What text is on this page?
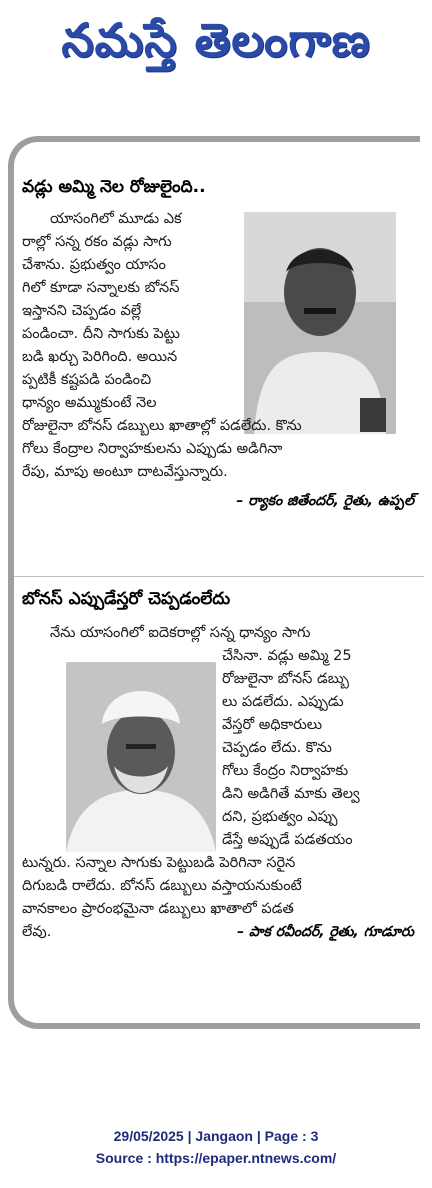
నమస్తే తెలంగాణ
వడ్లు అమ్మి నెల రోజులైంది..
యాసంగిలో మూడు ఎక
రాల్లో సన్న రకం వడ్లు సాగు
చేశాను. ప్రభుత్వం యాసం
గిలో కూడా సన్నాలకు బోనస్
ఇస్తానని చెప్పడం వల్లే
పండించా. దీని సాగుకు పెట్టు
బడి ఖర్చు పెరిగింది. అయిన
ప్పటికీ కష్టపడి పండించి
ధాన్యం అమ్ముకుంటే నెల
రోజులైనా బోనస్ డబ్బులు ఖాతాల్లో పడలేదు. కొను
గోలు కేంద్రాల నిర్వాహకులను ఎప్పుడు అడిగినా
రేపు, మాపు అంటూ దాటవేస్తున్నారు.
– ర్యాకం జితేందర్, రైతు, ఉప్పల్
బోనస్ ఎప్పుడేస్తరో చెప్పడంలేదు
నేను యాసంగిలో ఐదెకరాల్లో సన్న ధాన్యం సాగు
చేసినా. వడ్లు అమ్మి 25
రోజులైనా బోనస్ డబ్బు
లు పడలేదు. ఎప్పుడు
వేస్తరో అధికారులు
చెప్పడం లేదు. కొను
గోలు కేంద్రం నిర్వాహకు
డిని అడిగితే మాకు తెల్వ
దని, ప్రభుత్వం ఎప్పు
డేస్తే అప్పుడే పడతయం
టున్నరు. సన్నాల సాగుకు పెట్టుబడి పెరిగినా సరైన
దిగుబడి రాలేదు. బోనస్ డబ్బులు వస్తాయనుకుంటే
వానకాలం ప్రారంభమైనా డబ్బులు ఖాతాలో పడత
లేవు.	– పాక రవీందర్, రైతు, గూడూరు
29/05/2025 | Jangaon | Page : 3
Source : https://epaper.ntnews.com/
